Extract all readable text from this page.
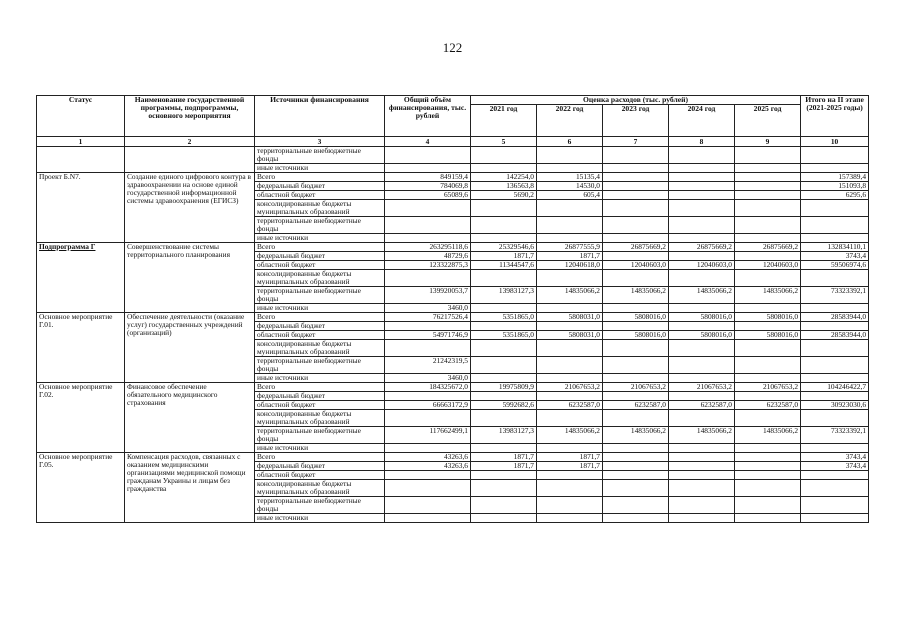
122
Статус	Наименование государственной программы, подпрограммы, основного мероприятия	Источники финансирования	Общий объём финансирования, тыс. рублей	Оценка расходов (тыс. рублей)					Итого на II этапе (2021-2025 годы)
				2021 год	2022 год	2023 год	2024 год	2025 год	
1	2	3	4	5	6	7	8	9	10
		территориальные внебюджетные фонды							
		иные источники							
Проект Б.N7.	Создание единого цифрового контура в здравоохранении на основе единой государственной информационной системы здравоохранения (ЕГИСЗ)	Всего	849159,4	142254,0	15135,4				157389,4
		федеральный бюджет	784069,8	136563,8	14530,0				151093,8
		областной бюджет	65089,6	5690,2	605,4				6295,6
		консолидированные бюджеты муниципальных образований							
		территориальные внебюджетные фонды							
		иные источники							
Подпрограмма Г	Совершенствование системы территориального планирования	Всего	263295118,6	25329546,6	26877555,9	26875669,2	26875669,2	26875669,2	132834110,1
		федеральный бюджет	48729,6	1871,7	1871,7				3743,4
		областной бюджет	123322875,3	11344547,6	12040618,0	12040603,0	12040603,0	12040603,0	59506974,6
		консолидированные бюджеты муниципальных образований							
		территориальные внебюджетные фонды	139920053,7	13983127,3	14835066,2	14835066,2	14835066,2	14835066,2	73323392,1
		иные источники	3460,0						
Основное мероприятие Г.01.	Обеспечение деятельности (оказание услуг) государственных учреждений (организаций)	Всего	76217526,4	5351865,0	5808031,0	5808016,0	5808016,0	5808016,0	28583944,0
		федеральный бюджет							
		областной бюджет	54971746,9	5351865,0	5808031,0	5808016,0	5808016,0	5808016,0	28583944,0
		консолидированные бюджеты муниципальных образований							
		территориальные внебюджетные фонды	21242319,5						
		иные источники	3460,0						
Основное мероприятие Г.02.	Финансовое обеспечение обязательного медицинского страхования	Всего	184325672,0	19975809,9	21067653,2	21067653,2	21067653,2	21067653,2	104246422,7
		федеральный бюджет							
		областной бюджет	66663172,9	5992682,6	6232587,0	6232587,0	6232587,0	6232587,0	30923030,6
		консолидированные бюджеты муниципальных образований							
		территориальные внебюджетные фонды	117662499,1	13983127,3	14835066,2	14835066,2	14835066,2	14835066,2	73323392,1
		иные источники							
Основное мероприятие Г.05.	Компенсация расходов, связанных с оказанием медицинскими организациями медицинской помощи гражданам Украины и лицам без гражданства	Всего	43263,6	1871,7	1871,7				3743,4
		федеральный бюджет	43263,6	1871,7	1871,7				3743,4
		областной бюджет							
		консолидированные бюджеты муниципальных образований							
		территориальные внебюджетные фонды							
		иные источники							
